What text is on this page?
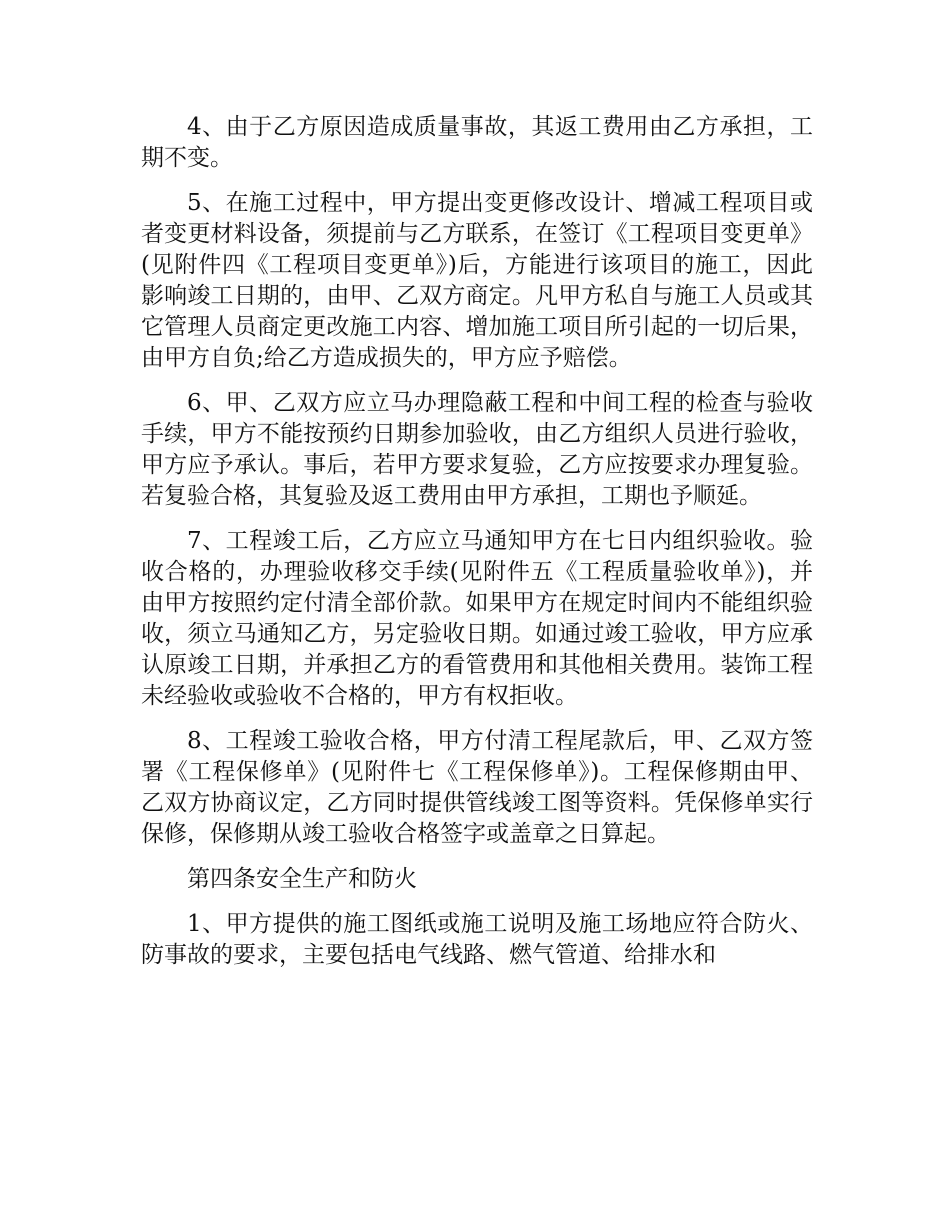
4、由于乙方原因造成质量事故，其返工费用由乙方承担，工期不变。

5、在施工过程中，甲方提出变更修改设计、增减工程项目或者变更材料设备，须提前与乙方联系，在签订《工程项目变更单》(见附件四《工程项目变更单》)后，方能进行该项目的施工，因此影响竣工日期的，由甲、乙双方商定。凡甲方私自与施工人员或其它管理人员商定更改施工内容、增加施工项目所引起的一切后果，由甲方自负;给乙方造成损失的，甲方应予赔偿。

6、甲、乙双方应立马办理隐蔽工程和中间工程的检查与验收手续，甲方不能按预约日期参加验收，由乙方组织人员进行验收，甲方应予承认。事后，若甲方要求复验，乙方应按要求办理复验。若复验合格，其复验及返工费用由甲方承担，工期也予顺延。

7、工程竣工后，乙方应立马通知甲方在七日内组织验收。验收合格的，办理验收移交手续(见附件五《工程质量验收单》)，并由甲方按照约定付清全部价款。如果甲方在规定时间内不能组织验收，须立马通知乙方，另定验收日期。如通过竣工验收，甲方应承认原竣工日期，并承担乙方的看管费用和其他相关费用。装饰工程未经验收或验收不合格的，甲方有权拒收。

8、工程竣工验收合格，甲方付清工程尾款后，甲、乙双方签署《工程保修单》(见附件七《工程保修单》)。工程保修期由甲、乙双方协商议定，乙方同时提供管线竣工图等资料。凭保修单实行保修，保修期从竣工验收合格签字或盖章之日算起。

第四条安全生产和防火

1、甲方提供的施工图纸或施工说明及施工场地应符合防火、防事故的要求，主要包括电气线路、燃气管道、给排水和
